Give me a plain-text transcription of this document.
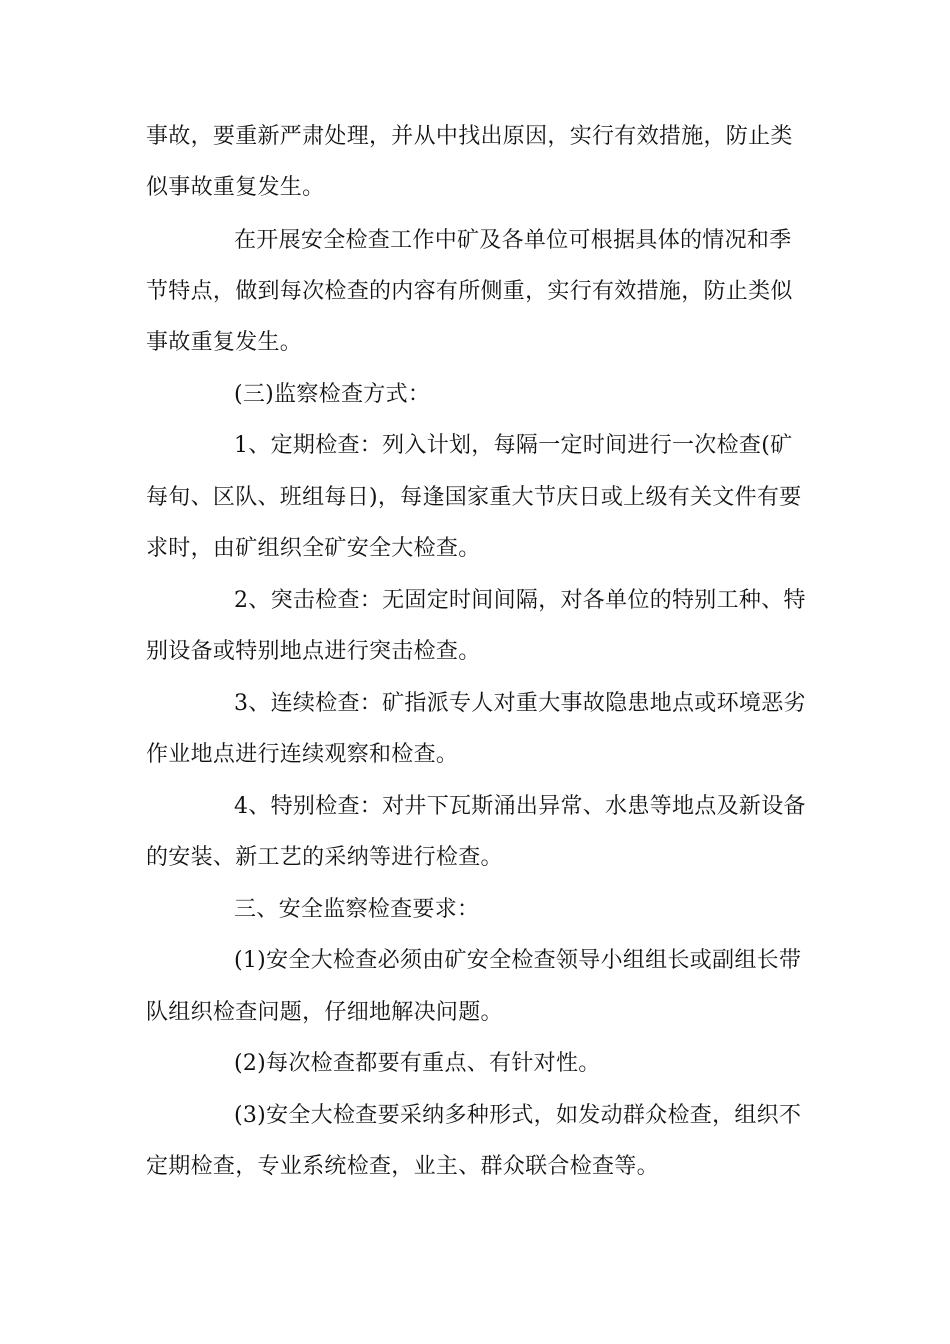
事故，要重新严肃处理，并从中找出原因，实行有效措施，防止类
似事故重复发生。
在开展安全检查工作中矿及各单位可根据具体的情况和季
节特点，做到每次检查的内容有所侧重，实行有效措施，防止类似
事故重复发生。
(三)监察检查方式：
1、定期检查：列入计划，每隔一定时间进行一次检查(矿
每旬、区队、班组每日)，每逢国家重大节庆日或上级有关文件有要
求时，由矿组织全矿安全大检查。
2、突击检查：无固定时间间隔，对各单位的特别工种、特
别设备或特别地点进行突击检查。
3、连续检查：矿指派专人对重大事故隐患地点或环境恶劣
作业地点进行连续观察和检查。
4、特别检查：对井下瓦斯涌出异常、水患等地点及新设备
的安装、新工艺的采纳等进行检查。
三、安全监察检查要求：
(1)安全大检查必须由矿安全检查领导小组组长或副组长带
队组织检查问题，仔细地解决问题。
(2)每次检查都要有重点、有针对性。
(3)安全大检查要采纳多种形式，如发动群众检查，组织不
定期检查，专业系统检查，业主、群众联合检查等。
